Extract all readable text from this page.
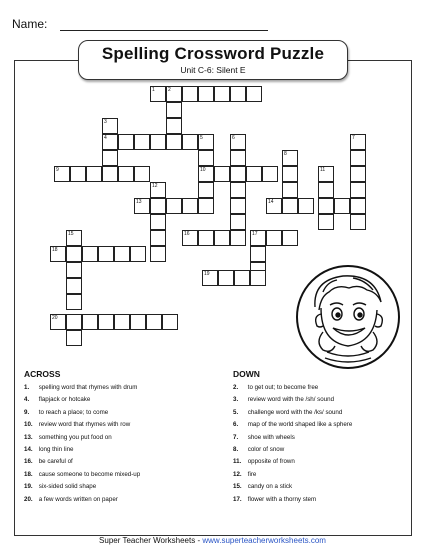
Name:
Spelling Crossword Puzzle
Unit C-6: Silent E
1	2
3
4	5	6	7
8
9	10	11
12
13	14
15	16	17
18
19
20
ACROSS
1. spelling word that rhymes with drum
4. flapjack or hotcake
9. to reach a place; to come
10. review word that rhymes with row
13. something you put food on
14. long thin line
16. be careful of
18. cause someone to become mixed-up
19. six-sided solid shape
20. a few words written on paper
DOWN
2. to get out; to become free
3. review word with the /sh/ sound
5. challenge word with the /ks/ sound
6. map of the world shaped like a sphere
7. shoe with wheels
8. color of snow
11. opposite of frown
12. fire
15. candy on a stick
17. flower with a thorny stem
Super Teacher Worksheets - www.superteacherworksheets.com
